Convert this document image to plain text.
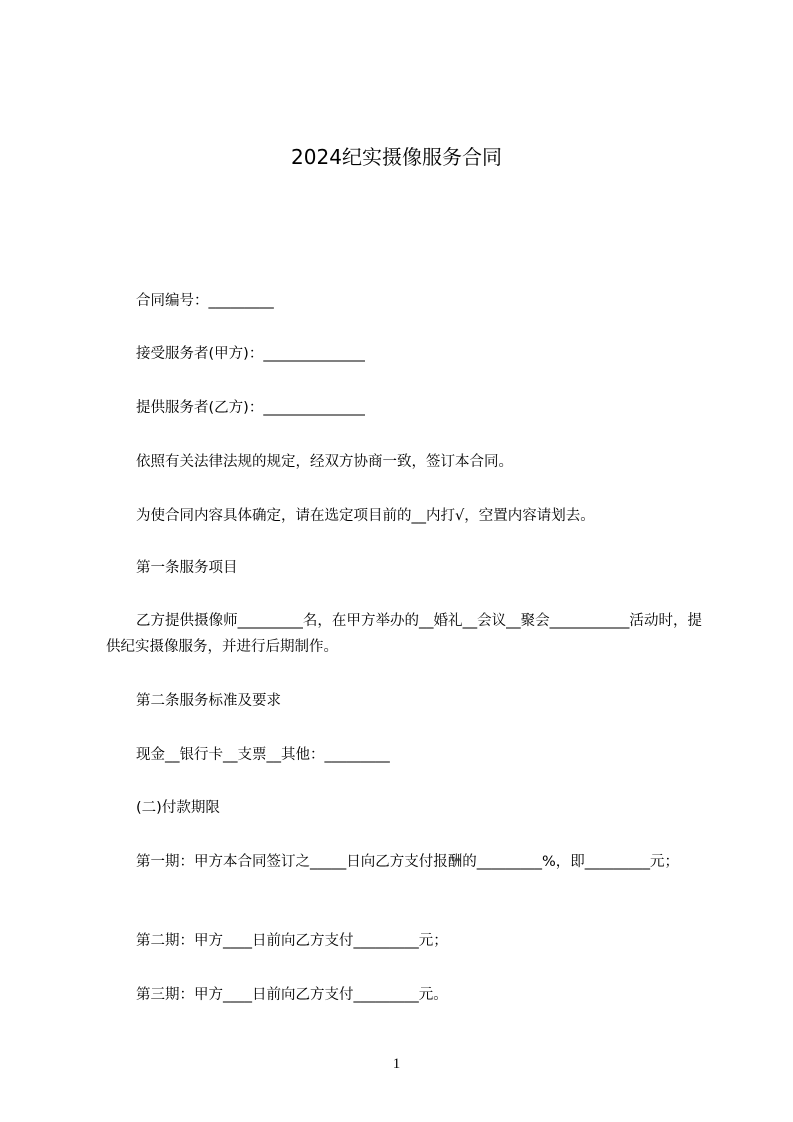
2024纪实摄像服务合同
合同编号：_________
接受服务者(甲方)：______________
提供服务者(乙方)：______________
依照有关法律法规的规定，经双方协商一致，签订本合同。
为使合同内容具体确定，请在选定项目前的__内打√，空置内容请划去。
第一条服务项目
乙方提供摄像师_________名，在甲方举办的__婚礼__会议__聚会___________活动时，提供纪实摄像服务，并进行后期制作。
第二条服务标准及要求
现金__银行卡__支票__其他：_________
(二)付款期限
第一期：甲方本合同签订之_____日向乙方支付报酬的_________%，即_________元；
第二期：甲方____日前向乙方支付_________元；
第三期：甲方____日前向乙方支付_________元。
1
